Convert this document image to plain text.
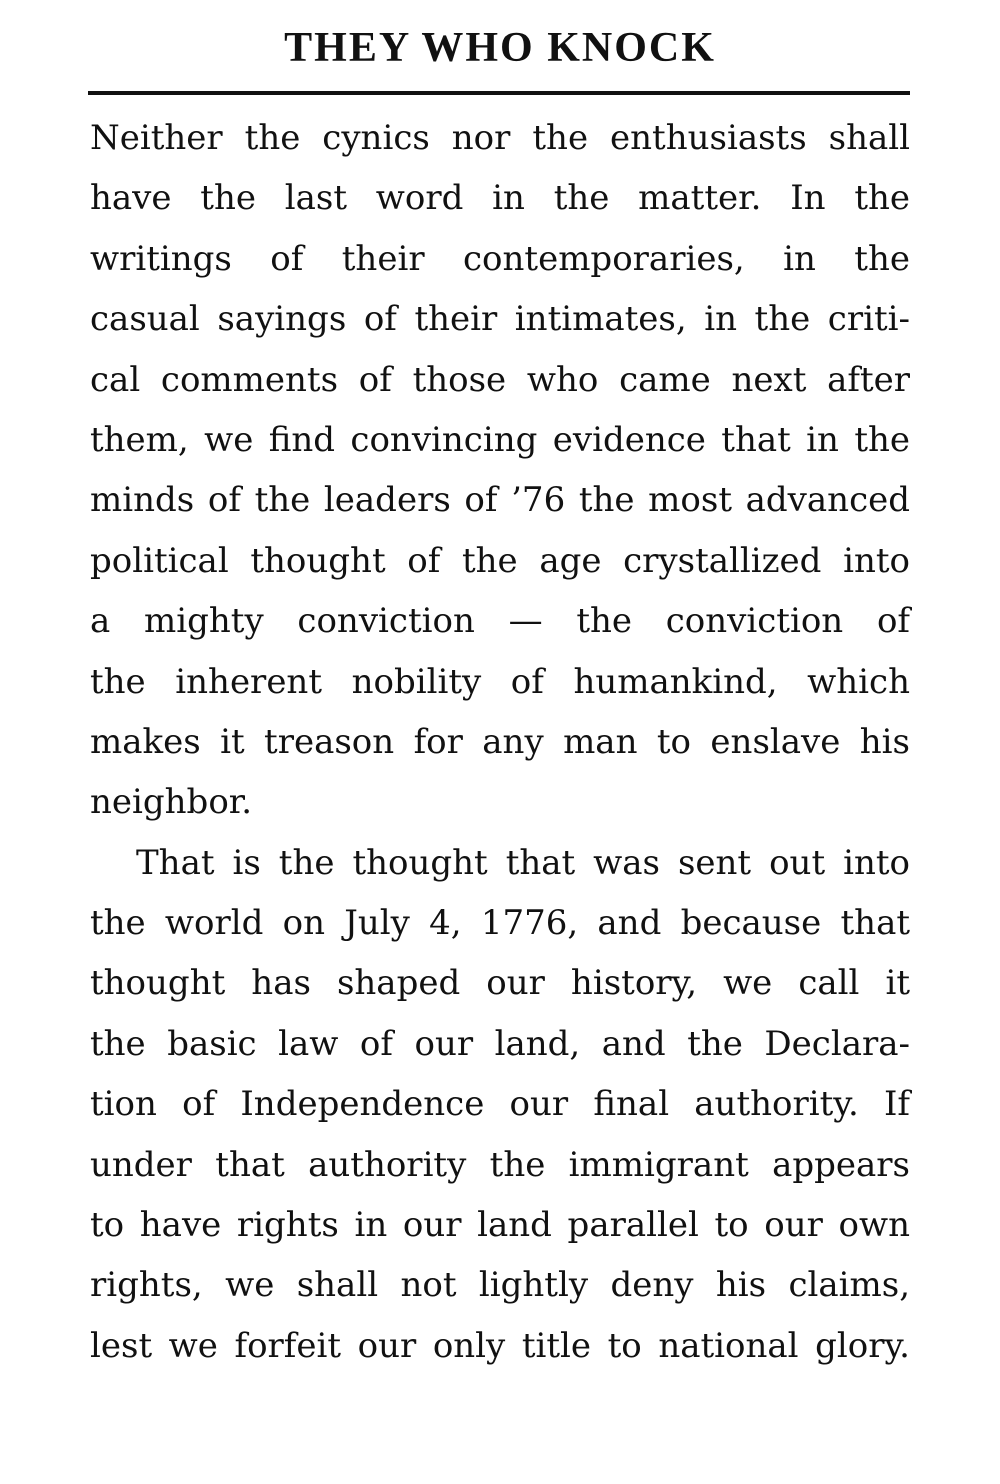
THEY WHO KNOCK
Neither the cynics nor the enthusiasts shall
have the last word in the matter. In the
writings of their contemporaries, in the
casual sayings of their intimates, in the criti-
cal comments of those who came next after
them, we find convincing evidence that in the
minds of the leaders of ’76 the most advanced
political thought of the age crystallized into
a mighty conviction — the conviction of
the inherent nobility of humankind, which
makes it treason for any man to enslave his
neighbor.
That is the thought that was sent out into
the world on July 4, 1776, and because that
thought has shaped our history, we call it
the basic law of our land, and the Declara-
tion of Independence our final authority. If
under that authority the immigrant appears
to have rights in our land parallel to our own
rights, we shall not lightly deny his claims,
lest we forfeit our only title to national glory.
